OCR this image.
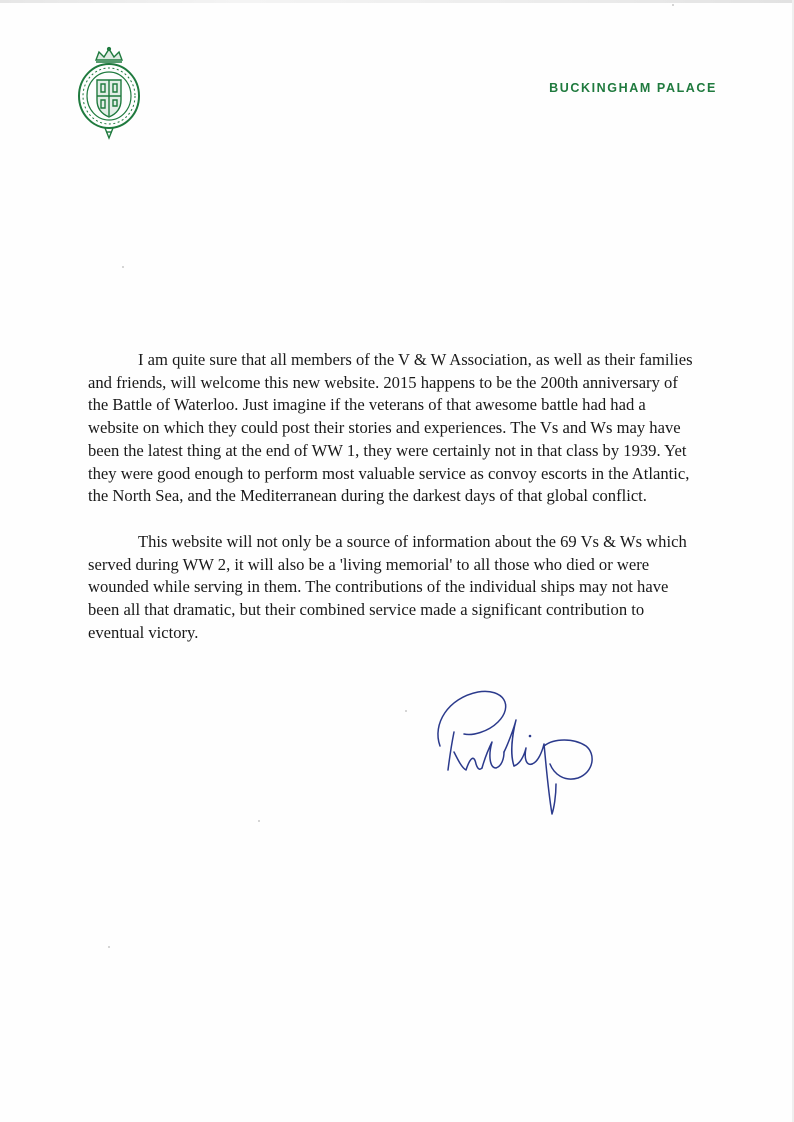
BUCKINGHAM PALACE

I am quite sure that all members of the V & W Association, as well as their families and friends, will welcome this new website. 2015 happens to be the 200th anniversary of the Battle of Waterloo. Just imagine if the veterans of that awesome battle had had a website on which they could post their stories and experiences. The Vs and Ws may have been the latest thing at the end of WW 1, they were certainly not in that class by 1939. Yet they were good enough to perform most valuable service as convoy escorts in the Atlantic, the North Sea, and the Mediterranean during the darkest days of that global conflict.

This website will not only be a source of information about the 69 Vs & Ws which served during WW 2, it will also be a 'living memorial' to all those who died or were wounded while serving in them. The contributions of the individual ships may not have been all that dramatic, but their combined service made a significant contribution to eventual victory.
